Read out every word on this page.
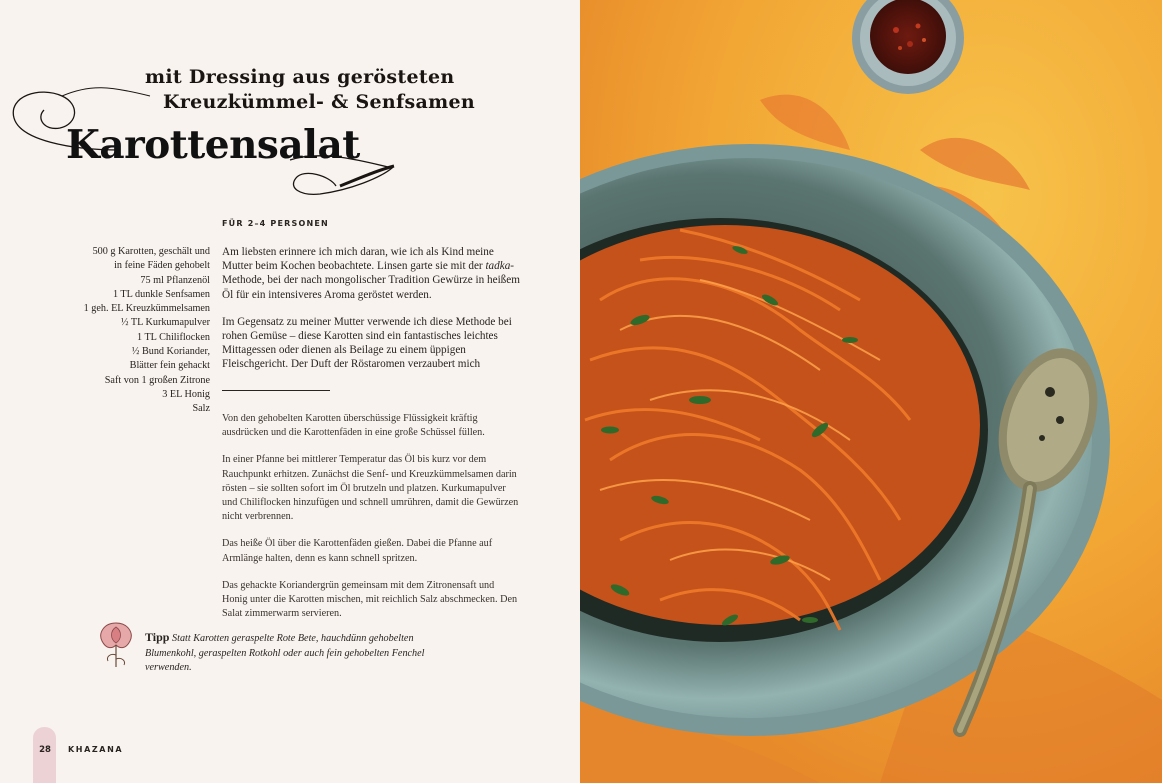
mit Dressing aus gerösteten
Kreuzkümmel- & Senfsamen
Karottensalat
FÜR 2–4 PERSONEN
500 g Karotten, geschält und
in feine Fäden gehobelt
75 ml Pflanzenöl
1 TL dunkle Senfsamen
1 geh. EL Kreuzkümmelsamen
½ TL Kurkumapulver
1 TL Chiliflocken
½ Bund Koriander,
Blätter fein gehackt
Saft von 1 großen Zitrone
3 EL Honig
Salz

Am liebsten erinnere ich mich daran, wie ich als Kind meine Mutter beim Kochen beobachtete. Linsen garte sie mit der tadka-Methode, bei der nach mongolischer Tradition Gewürze in heißem Öl für ein intensiveres Aroma geröstet werden.

Im Gegensatz zu meiner Mutter verwende ich diese Methode bei rohen Gemüse – diese Karotten sind ein fantastisches leichtes Mittagessen oder dienen als Beilage zu einem üppigen Fleischgericht. Der Duft der Röstaromen verzaubert mich

Von den gehobelten Karotten überschüssige Flüssigkeit kräftig ausdrücken und die Karottenfäden in eine große Schüssel füllen.

In einer Pfanne bei mittlerer Temperatur das Öl bis kurz vor dem Rauchpunkt erhitzen. Zunächst die Senf- und Kreuzkümmelsamen darin rösten – sie sollten sofort im Öl brutzeln und platzen. Kurkumapulver und Chiliflocken hinzufügen und schnell umrühren, damit die Gewürzen nicht verbrennen.

Das heiße Öl über die Karottenfäden gießen. Dabei die Pfanne auf Armlänge halten, denn es kann schnell spritzen.

Das gehackte Koriandergrün gemeinsam mit dem Zitronensaft und Honig unter die Karotten mischen, mit reichlich Salz abschmecken. Den Salat zimmerwarm servieren.

Tipp Statt Karotten geraspelte Rote Bete, hauchdünn gehobelten Blumenkohl, geraspelten Rotkohl oder auch fein gehobelten Fenchel verwenden.
28	KHAZANA
